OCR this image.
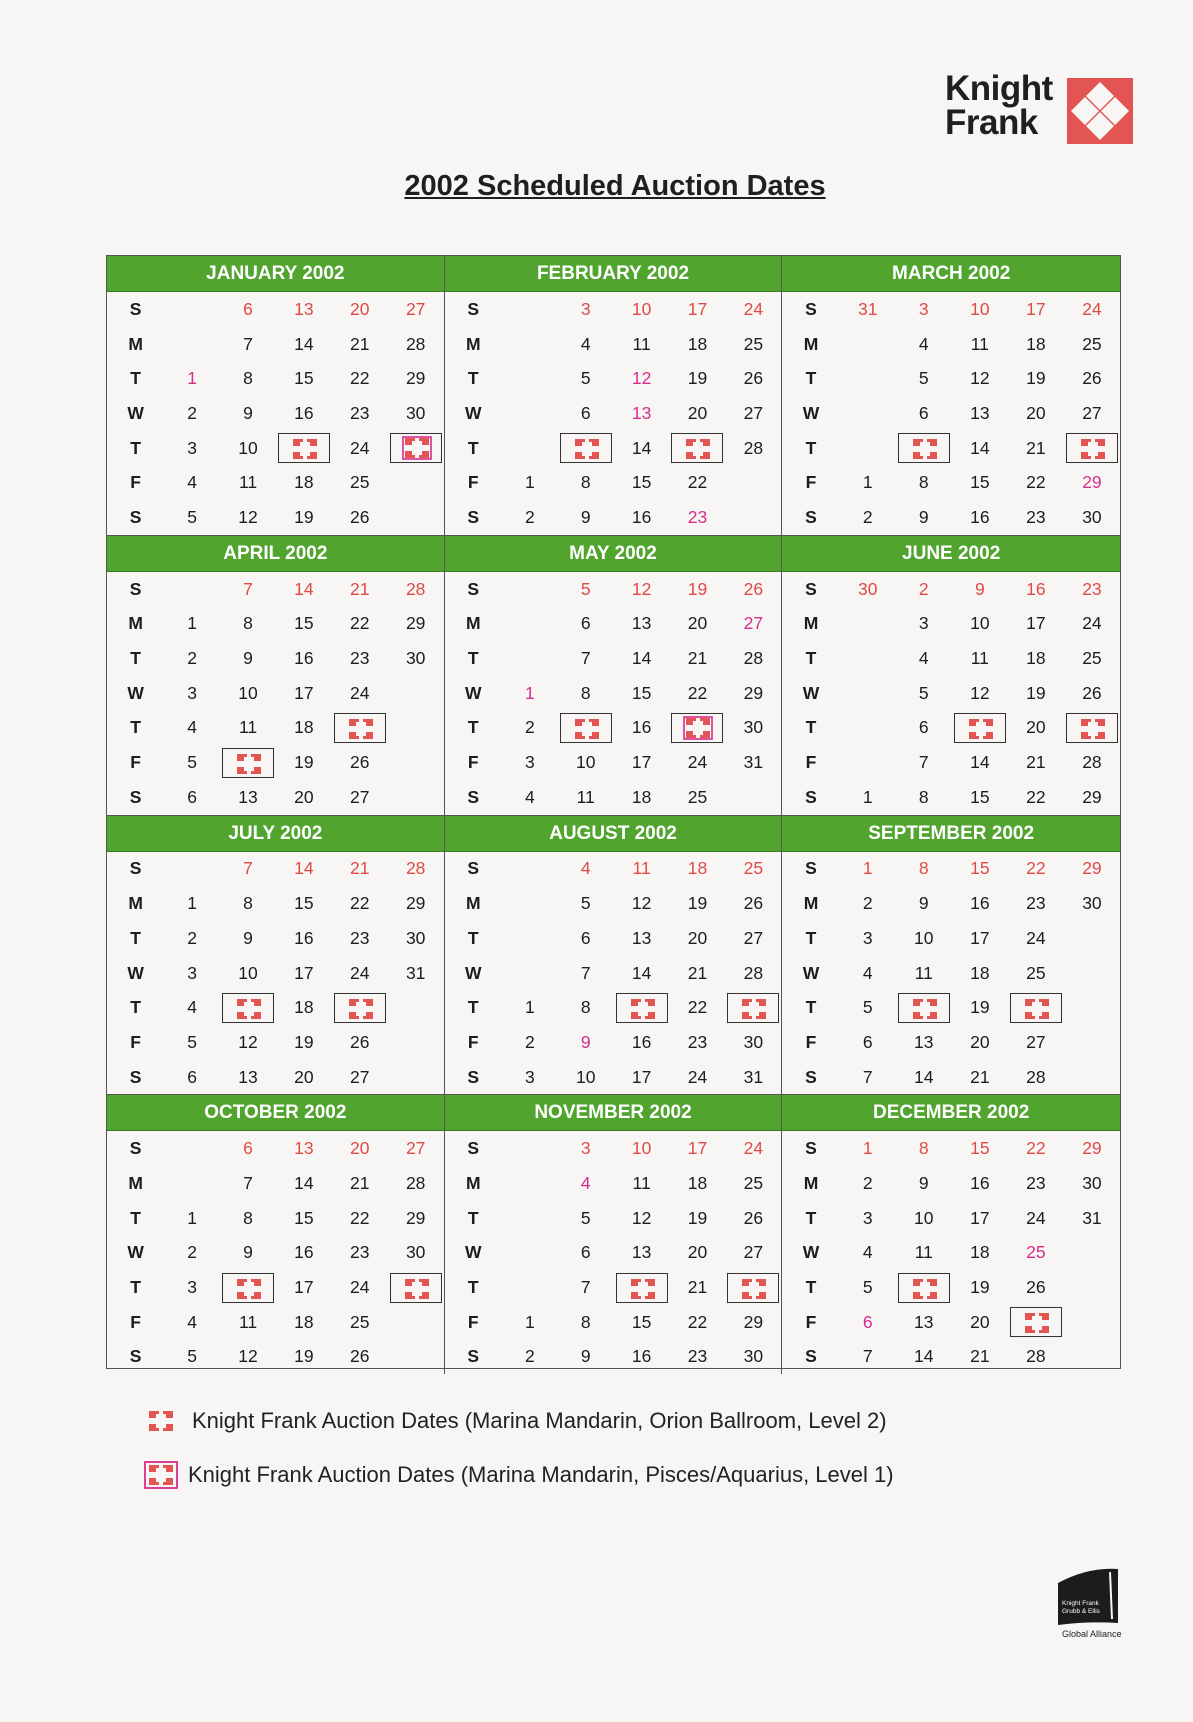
Knight
Frank
2002 Scheduled Auction Dates
JANUARY 2002
S		6	13	20	27
M		7	14	21	28
T	1	8	15	22	29
W	2	9	16	23	30
T	3	10		24	

F	4	11	18	25	
S	5	12	19	26	
FEBRUARY 2002
S		3	10	17	24
M		4	11	18	25
T		5	12	19	26
W		6	13	20	27
T			14		28
F	1	8	15	22	
S	2	9	16	23	
MARCH 2002
S	31	3	10	17	24
M		4	11	18	25
T		5	12	19	26
W		6	13	20	27
T			14	21	

F	1	8	15	22	29
S	2	9	16	23	30
APRIL 2002
S		7	14	21	28
M	1	8	15	22	29
T	2	9	16	23	30
W	3	10	17	24	
T	4	11	18	

F	5		19	26	
S	6	13	20	27	
MAY 2002
S		5	12	19	26
M		6	13	20	27
T		7	14	21	28
W	1	8	15	22	29
T	2		16		30
F	3	10	17	24	31
S	4	11	18	25	
JUNE 2002
S	30	2	9	16	23
M		3	10	17	24
T		4	11	18	25
W		5	12	19	26
T		6		20	

F		7	14	21	28
S	1	8	15	22	29
JULY 2002
S		7	14	21	28
M	1	8	15	22	29
T	2	9	16	23	30
W	3	10	17	24	31
T	4		18	

F	5	12	19	26	
S	6	13	20	27	
AUGUST 2002
S		4	11	18	25
M		5	12	19	26
T		6	13	20	27
W		7	14	21	28
T	1	8		22	

F	2	9	16	23	30
S	3	10	17	24	31
SEPTEMBER 2002
S	1	8	15	22	29
M	2	9	16	23	30
T	3	10	17	24	
W	4	11	18	25	
T	5		19	

F	6	13	20	27	
S	7	14	21	28	
OCTOBER 2002
S		6	13	20	27
M		7	14	21	28
T	1	8	15	22	29
W	2	9	16	23	30
T	3		17	24	

F	4	11	18	25	
S	5	12	19	26	
NOVEMBER 2002
S		3	10	17	24
M		4	11	18	25
T		5	12	19	26
W		6	13	20	27
T		7		21	

F	1	8	15	22	29
S	2	9	16	23	30
DECEMBER 2002
S	1	8	15	22	29
M	2	9	16	23	30
T	3	10	17	24	31
W	4	11	18	25	
T	5		19	26	
F	6	13	20	

S	7	14	21	28	
Knight Frank Auction Dates (Marina Mandarin, Orion Ballroom, Level 2)
Knight Frank Auction Dates (Marina Mandarin, Pisces/Aquarius, Level 1)
Knight Frank
Grubb & Ellis
Global Alliance
